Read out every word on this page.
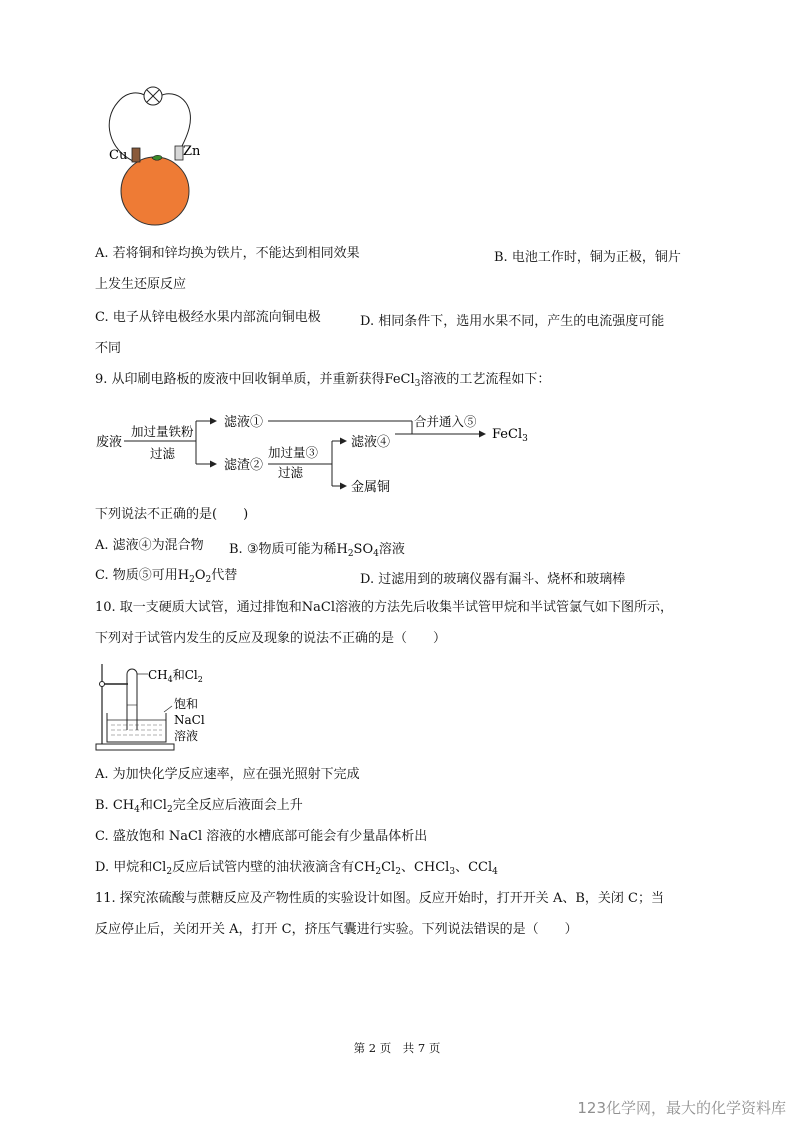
Cu	Zn
A. 若将铜和锌均换为铁片，不能达到相同效果	B. 电池工作时，铜为正极，铜片
上发生还原反应
C. 电子从锌电极经水果内部流向铜电极	D. 相同条件下，选用水果不同，产生的电流强度可能
不同
9. 从印刷电路板的废液中回收铜单质，并重新获得FeCl$_3$溶液的工艺流程如下：
废液
加过量铁粉
过滤
滤液①
滤渣②
加过量③
过滤
滤液④
金属铜
合并通入⑤
FeCl$_3$
下列说法不正确的是(　　)
A. 滤液④为混合物 B. ③物质可能为稀$H_2SO_4$溶液
C. 物质⑤可用$H_2O_2$代替	D. 过滤用到的玻璃仪器有漏斗、烧杯和玻璃棒
10. 取一支硬质大试管，通过排饱和NaCl溶液的方法先后收集半试管甲烷和半试管氯气如下图所示，
下列对于试管内发生的反应及现象的说法不正确的是（　　）
$CH_4$和$Cl_2$
饱和
NaCl
溶液
A. 为加快化学反应速率，应在强光照射下完成
B. $CH_4$和$Cl_2$完全反应后液面会上升
C. 盛放饱和 NaCl 溶液的水槽底部可能会有少量晶体析出
D. 甲烷和$Cl_2$反应后试管内壁的油状液滴含有$CH_2Cl_2$、CHCl$_3$、CCl$_4$
11. 探究浓硫酸与蔗糖反应及产物性质的实验设计如图。反应开始时，打开开关 A、B，关闭 C；当
反应停止后，关闭开关 A，打开 C，挤压气囊进行实验。下列说法错误的是（　　）
第 2 页　共 7 页
123化学网，最大的化学资料库
